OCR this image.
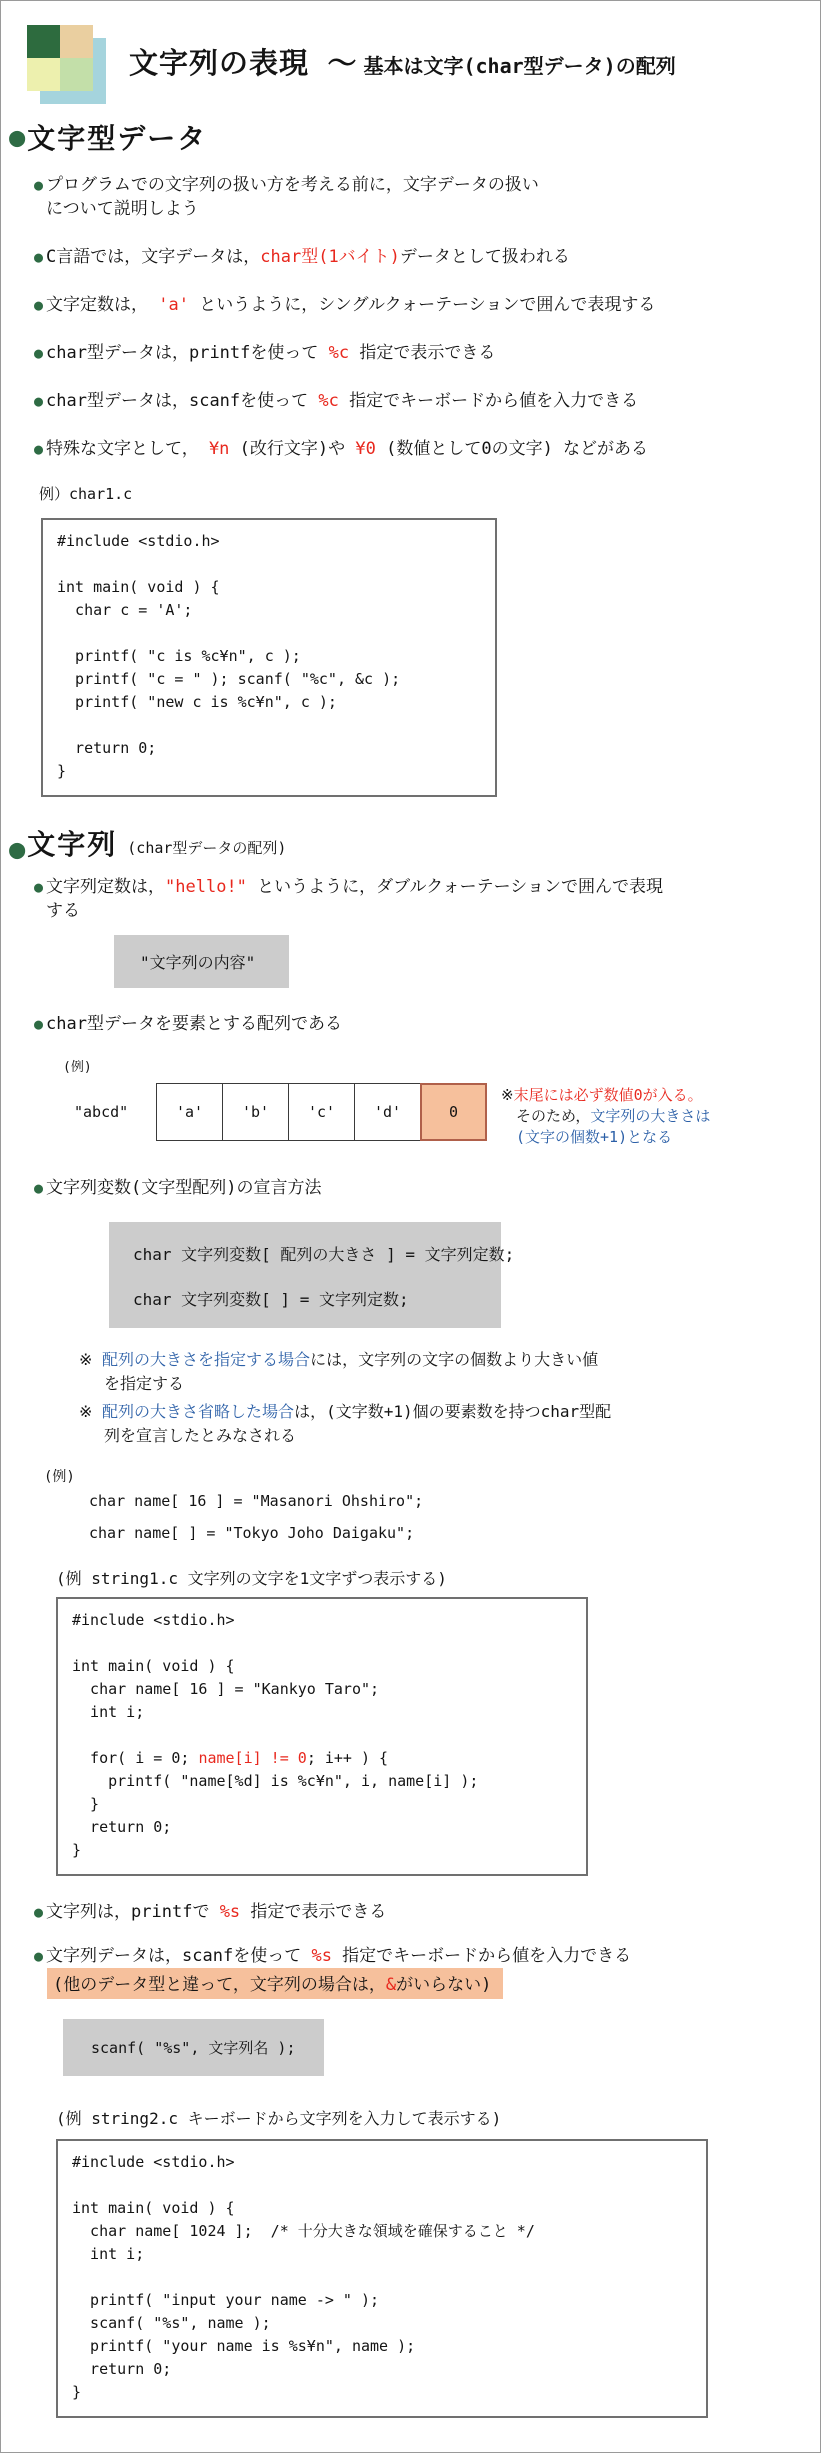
文字列の表現 ～ 基本は文字(char型データ)の配列
● 文字型データ
● プログラムでの文字列の扱い方を考える前に，文字データの扱い
について説明しよう
● C言語では，文字データは，char型(1バイト)データとして扱われる
● 文字定数は， 'a' というように，シングルクォーテーションで囲んで表現する
● char型データは，printfを使って %c 指定で表示できる
● char型データは，scanfを使って %c 指定でキーボードから値を入力できる
● 特殊な文字として， ¥n (改行文字)や ¥0 (数値として0の文字) などがある
例）char1.c
#include <stdio.h>
int main( void ) {
char c = 'A';
printf( "c is %c¥n", c );
printf( "c = " ); scanf( "%c", &c );
printf( "new c is %c¥n", c );
return 0;
}
● 文字列 (char型データの配列)
● 文字列定数は，"hello!" というように，ダブルクォーテーションで囲んで表現
する
"文字列の内容"
● char型データを要素とする配列である
(例)
"abcd"	'a'	'b'	'c'	'd'	0
※末尾には必ず数値0が入る。
そのため，文字列の大きさは
(文字の個数+1)となる
● 文字列変数(文字型配列)の宣言方法
char 文字列変数[ 配列の大きさ ] = 文字列定数;
char 文字列変数[ ] = 文字列定数;
※ 配列の大きさを指定する場合には，文字列の文字の個数より大きい値
を指定する
※ 配列の大きさ省略した場合は，(文字数+1)個の要素数を持つchar型配
列を宣言したとみなされる
(例)
char name[ 16 ] = "Masanori Ohshiro";
char name[ ] = "Tokyo Joho Daigaku";
(例 string1.c 文字列の文字を1文字ずつ表示する)
#include <stdio.h>
int main( void ) {
char name[ 16 ] = "Kankyo Taro";
int i;
for( i = 0; name[i] != 0; i++ ) {
printf( "name[%d] is %c¥n", i, name[i] );
}
return 0;
}
● 文字列は，printfで %s 指定で表示できる
● 文字列データは，scanfを使って %s 指定でキーボードから値を入力できる
(他のデータ型と違って，文字列の場合は，&がいらない)
scanf( "%s", 文字列名 );
(例 string2.c キーボードから文字列を入力して表示する)
#include <stdio.h>
int main( void ) {
char name[ 1024 ];  /* 十分大きな領域を確保すること */
int i;
printf( "input your name -> " );
scanf( "%s", name );
printf( "your name is %s¥n", name );
return 0;
}
